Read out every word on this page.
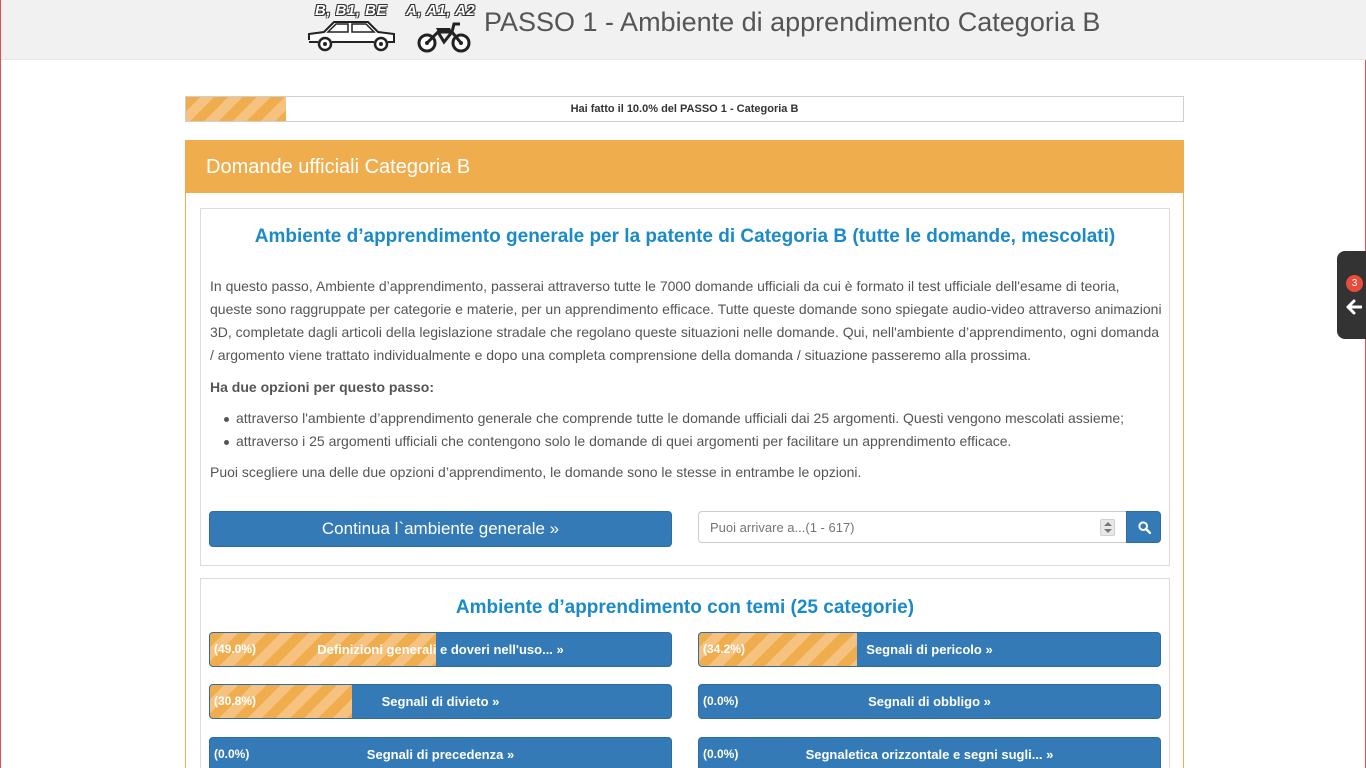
B, B1, BE A, A1, A2 PASSO 1 - Ambiente di apprendimento Categoria B
Hai fatto il 10.0% del PASSO 1 - Categoria B
Domande ufficiali Categoria B
Ambiente d’apprendimento generale per la patente di Categoria B (tutte le domande, mescolati)

In questo passo, Ambiente d’apprendimento, passerai attraverso tutte le 7000 domande ufficiali da cui è formato il test ufficiale dell'esame di teoria, queste sono raggruppate per categorie e materie, per un apprendimento efficace. Tutte queste domande sono spiegate audio-video attraverso animazioni 3D, completate dagli articoli della legislazione stradale che regolano queste situazioni nelle domande. Qui, nell'ambiente d’apprendimento, ogni domanda / argomento viene trattato individualmente e dopo una completa comprensione della domanda / situazione passeremo alla prossima.

Ha due opzioni per questo passo:

attraverso l'ambiente d’apprendimento generale che comprende tutte le domande ufficiali dai 25 argomenti. Questi vengono mescolati assieme;
attraverso i 25 argomenti ufficiali che contengono solo le domande di quei argomenti per facilitare un apprendimento efficace.

Puoi scegliere una delle due opzioni d’apprendimento, le domande sono le stesse in entrambe le opzioni.

Continua l`ambiente generale »
Puoi arrivare a...(1 - 617)
Ambiente d’apprendimento con temi (25 categorie)
(49.0%)	Definizioni generali e doveri nell'uso... »	(34.2%)	Segnali di pericolo »
(30.8%)	Segnali di divieto »	(0.0%)	Segnali di obbligo »
(0.0%)	Segnali di precedenza »	(0.0%)	Segnaletica orizzontale e segni sugli... »
3
